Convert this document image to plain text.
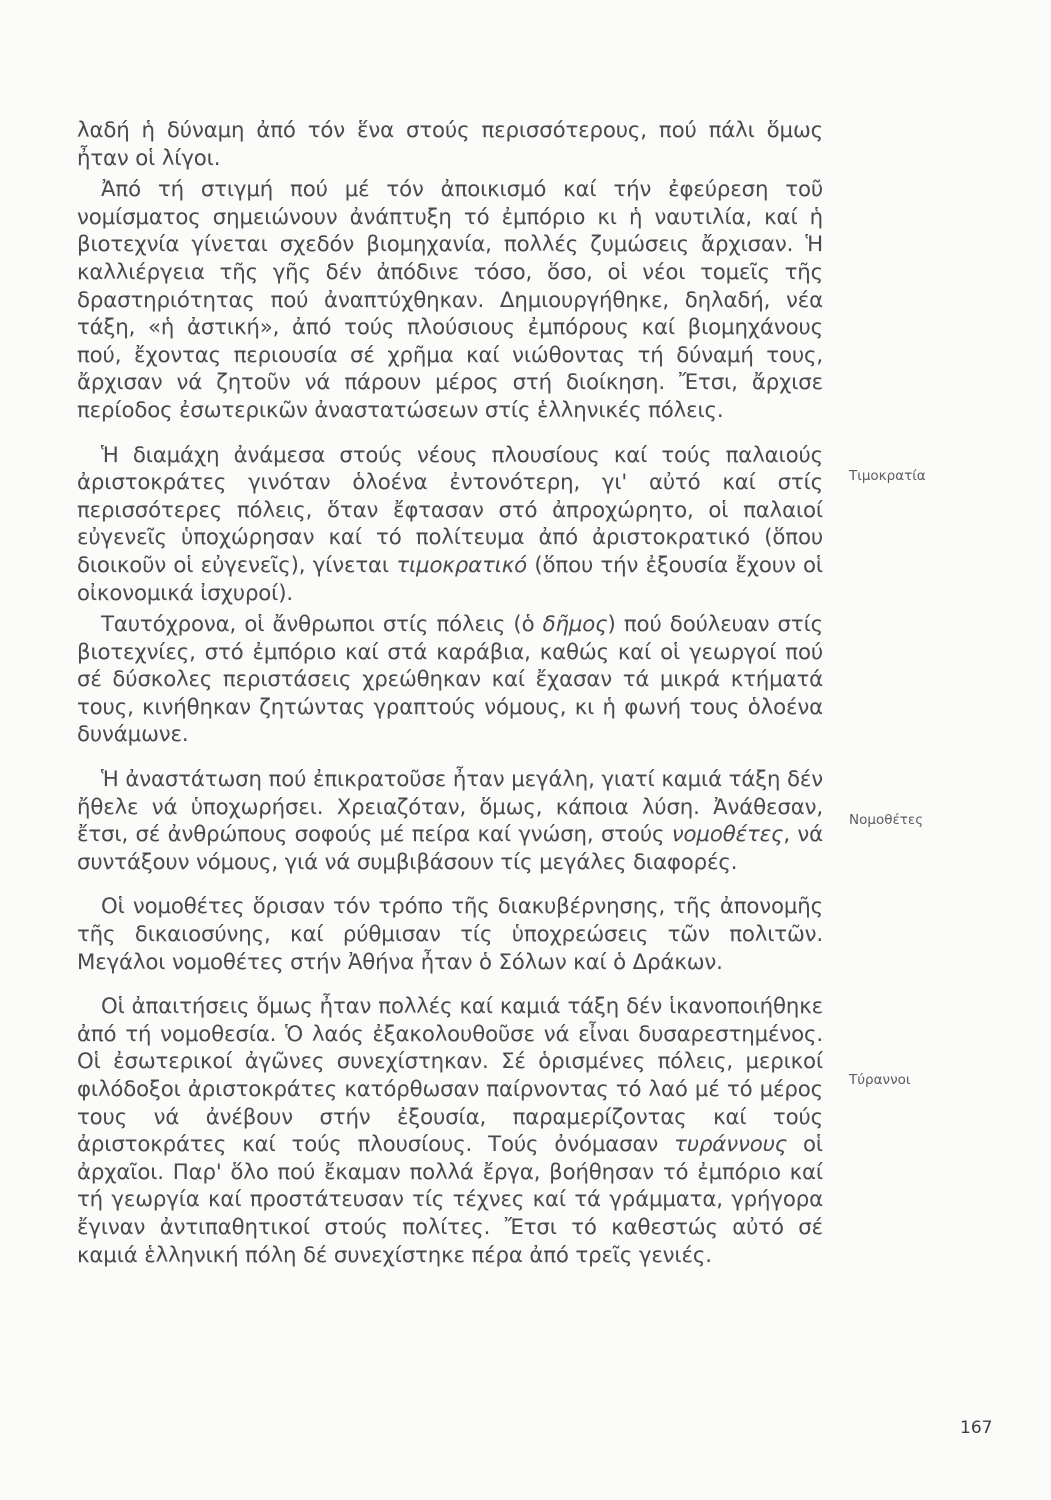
λαδή ἡ δύναμη ἀπό τόν ἕνα στούς περισσότερους, πού πάλι ὅμως ἦταν οἱ λίγοι.

Ἀπό τή στιγμή πού μέ τόν ἀποικισμό καί τήν ἐφεύρεση τοῦ νομίσματος σημειώνουν ἀνάπτυξη τό ἐμπόριο κι ἡ ναυτιλία, καί ἡ βιοτεχνία γίνεται σχεδόν βιομηχανία, πολλές ζυμώσεις ἄρχισαν. Ἡ καλλιέργεια τῆς γῆς δέν ἀπόδινε τόσο, ὅσο, οἱ νέοι τομεῖς τῆς δραστηριότητας πού ἀναπτύχθηκαν. Δημιουργήθηκε, δηλαδή, νέα τάξη, «ἡ ἀστική», ἀπό τούς πλούσιους ἐμπόρους καί βιομηχάνους πού, ἔχοντας περιουσία σέ χρῆμα καί νιώθοντας τή δύναμή τους, ἄρχισαν νά ζητοῦν νά πάρουν μέρος στή διοίκηση. Ἔτσι, ἄρχισε περίοδος ἐσωτερικῶν ἀναστατώσεων στίς ἑλληνικές πόλεις.

Ἡ διαμάχη ἀνάμεσα στούς νέους πλουσίους καί τούς παλαιούς ἀριστοκράτες γινόταν ὁλοένα ἐντονότερη, γι' αὐτό καί στίς περισσότερες πόλεις, ὅταν ἔφτασαν στό ἀπροχώρητο, οἱ παλαιοί εὐγενεῖς ὑποχώρησαν καί τό πολίτευμα ἀπό ἀριστοκρατικό (ὅπου διοικοῦν οἱ εὐγενεῖς), γίνεται τιμοκρατικό (ὅπου τήν ἐξουσία ἔχουν οἱ οἰκονομικά ἰσχυροί).

Ταυτόχρονα, οἱ ἄνθρωποι στίς πόλεις (ὁ δῆμος) πού δούλευαν στίς βιοτεχνίες, στό ἐμπόριο καί στά καράβια, καθώς καί οἱ γεωργοί πού σέ δύσκολες περιστάσεις χρεώθηκαν καί ἔχασαν τά μικρά κτήματά τους, κινήθηκαν ζητώντας γραπτούς νόμους, κι ἡ φωνή τους ὁλοένα δυνάμωνε.

Ἡ ἀναστάτωση πού ἐπικρατοῦσε ἦταν μεγάλη, γιατί καμιά τάξη δέν ἤθελε νά ὑποχωρήσει. Χρειαζόταν, ὅμως, κάποια λύση. Ἀνάθεσαν, ἔτσι, σέ ἀνθρώπους σοφούς μέ πείρα καί γνώση, στούς νομοθέτες, νά συντάξουν νόμους, γιά νά συμβιβάσουν τίς μεγάλες διαφορές.

Οἱ νομοθέτες ὅρισαν τόν τρόπο τῆς διακυβέρνησης, τῆς ἀπονομῆς τῆς δικαιοσύνης, καί ρύθμισαν τίς ὑποχρεώσεις τῶν πολιτῶν. Μεγάλοι νομοθέτες στήν Ἀθήνα ἦταν ὁ Σόλων καί ὁ Δράκων.

Οἱ ἀπαιτήσεις ὅμως ἦταν πολλές καί καμιά τάξη δέν ἱκανοποιήθηκε ἀπό τή νομοθεσία. Ὁ λαός ἐξακολουθοῦσε νά εἶναι δυσαρεστημένος. Οἱ ἐσωτερικοί ἀγῶνες συνεχίστηκαν. Σέ ὁρισμένες πόλεις, μερικοί φιλόδοξοι ἀριστοκράτες κατόρθωσαν παίρνοντας τό λαό μέ τό μέρος τους νά ἀνέβουν στήν ἐξουσία, παραμερίζοντας καί τούς ἀριστοκράτες καί τούς πλουσίους. Τούς ὀνόμασαν τυράννους οἱ ἀρχαῖοι. Παρ' ὅλο πού ἔκαμαν πολλά ἔργα, βοήθησαν τό ἐμπόριο καί τή γεωργία καί προστάτευσαν τίς τέχνες καί τά γράμματα, γρήγορα ἔγιναν ἀντιπαθητικοί στούς πολίτες. Ἔτσι τό καθεστώς αὐτό σέ καμιά ἑλληνική πόλη δέ συνεχίστηκε πέρα ἀπό τρεῖς γενιές.

Τιμοκρατία
Νομοθέτες
Τύραννοι
167
